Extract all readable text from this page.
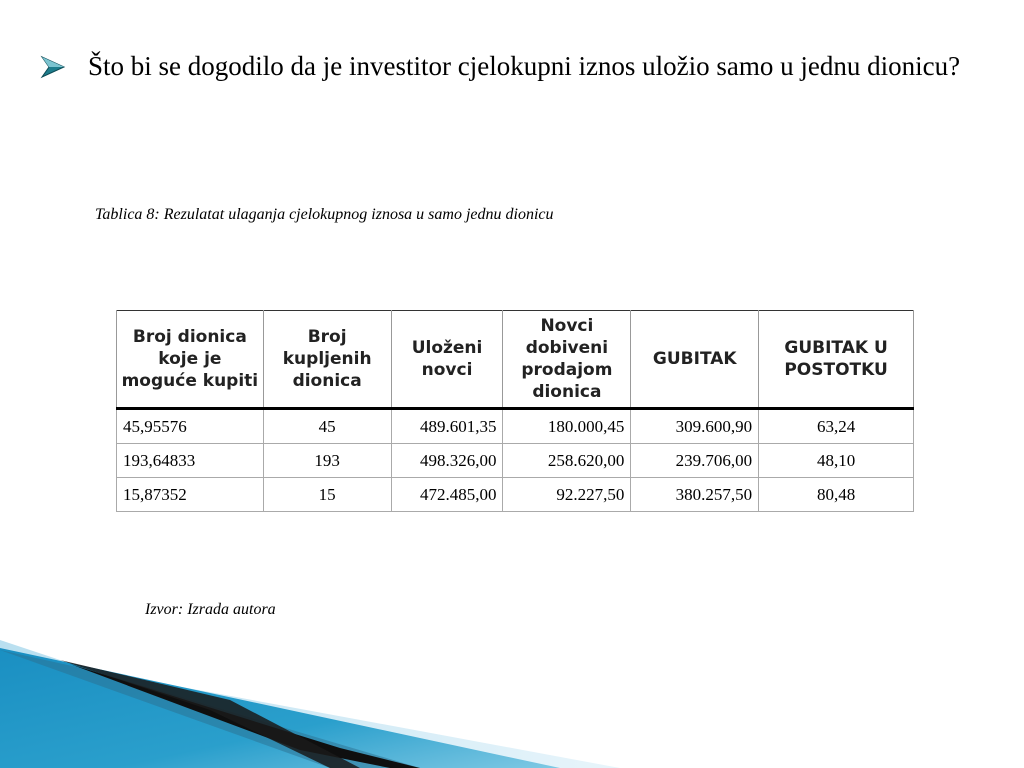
Što bi se dogodilo da je investitor cjelokupni iznos uložio samo u jednu dionicu?
Tablica 8: Rezulatat ulaganja cjelokupnog iznosa u samo jednu dionicu
Broj dionica koje je moguće kupiti	Broj kupljenih dionica	Uloženi novci	Novci dobiveni prodajom dionica	GUBITAK	GUBITAK U POSTOTKU
45,95576	45	489.601,35	180.000,45	309.600,90	63,24
193,64833	193	498.326,00	258.620,00	239.706,00	48,10
15,87352	15	472.485,00	92.227,50	380.257,50	80,48
Izvor: Izrada autora
